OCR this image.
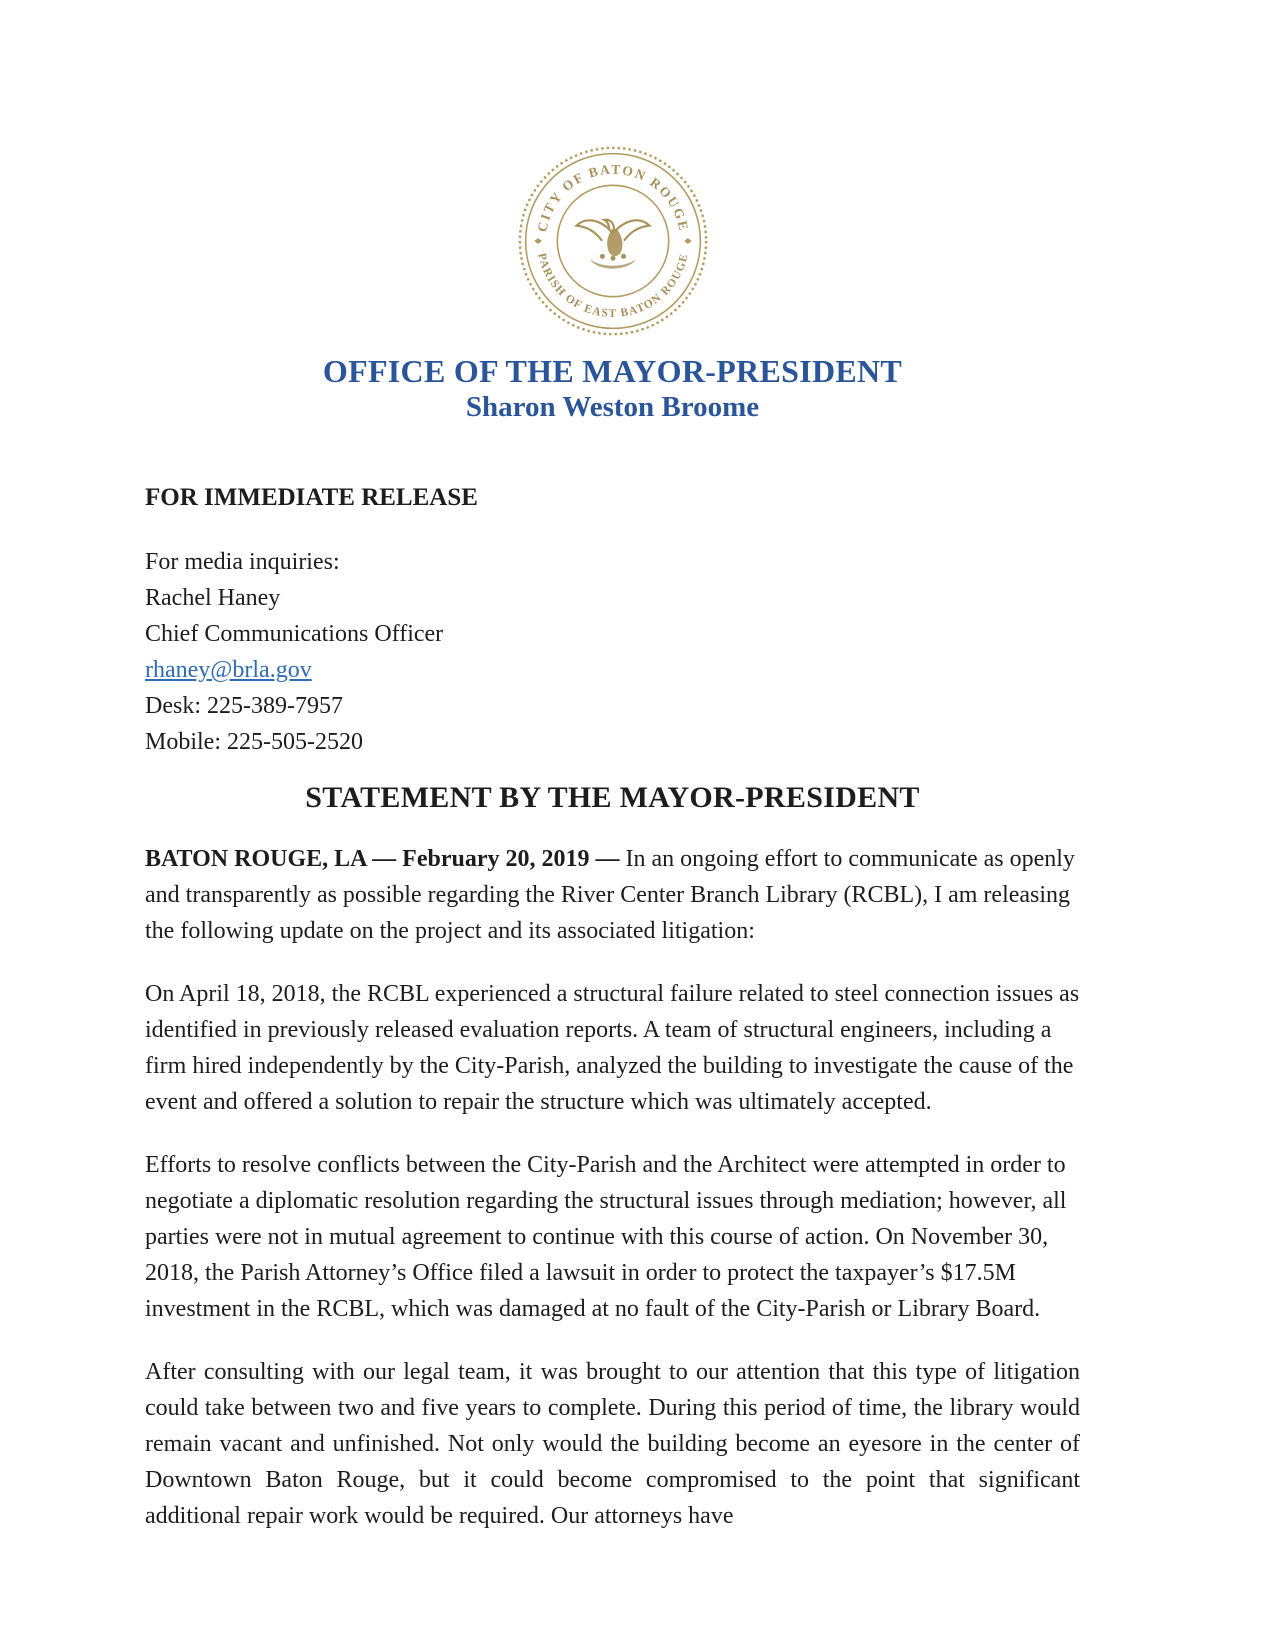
CITY OF BATON ROUGE
PARISH OF EAST BATON ROUGE
OFFICE OF THE MAYOR-PRESIDENT
Sharon Weston Broome
FOR IMMEDIATE RELEASE
For media inquiries:
Rachel Haney
Chief Communications Officer
rhaney@brla.gov
Desk: 225-389-7957
Mobile: 225-505-2520
STATEMENT BY THE MAYOR-PRESIDENT

BATON ROUGE, LA — February 20, 2019 — In an ongoing effort to communicate as openly and transparently as possible regarding the River Center Branch Library (RCBL), I am releasing the following update on the project and its associated litigation:

On April 18, 2018, the RCBL experienced a structural failure related to steel connection issues as identified in previously released evaluation reports. A team of structural engineers, including a firm hired independently by the City-Parish, analyzed the building to investigate the cause of the event and offered a solution to repair the structure which was ultimately accepted.

Efforts to resolve conflicts between the City-Parish and the Architect were attempted in order to negotiate a diplomatic resolution regarding the structural issues through mediation; however, all parties were not in mutual agreement to continue with this course of action. On November 30, 2018, the Parish Attorney’s Office filed a lawsuit in order to protect the taxpayer’s $17.5M investment in the RCBL, which was damaged at no fault of the City-Parish or Library Board.

After consulting with our legal team, it was brought to our attention that this type of litigation could take between two and five years to complete. During this period of time, the library would remain vacant and unfinished. Not only would the building become an eyesore in the center of Downtown Baton Rouge, but it could become compromised to the point that significant additional repair work would be required. Our attorneys have
